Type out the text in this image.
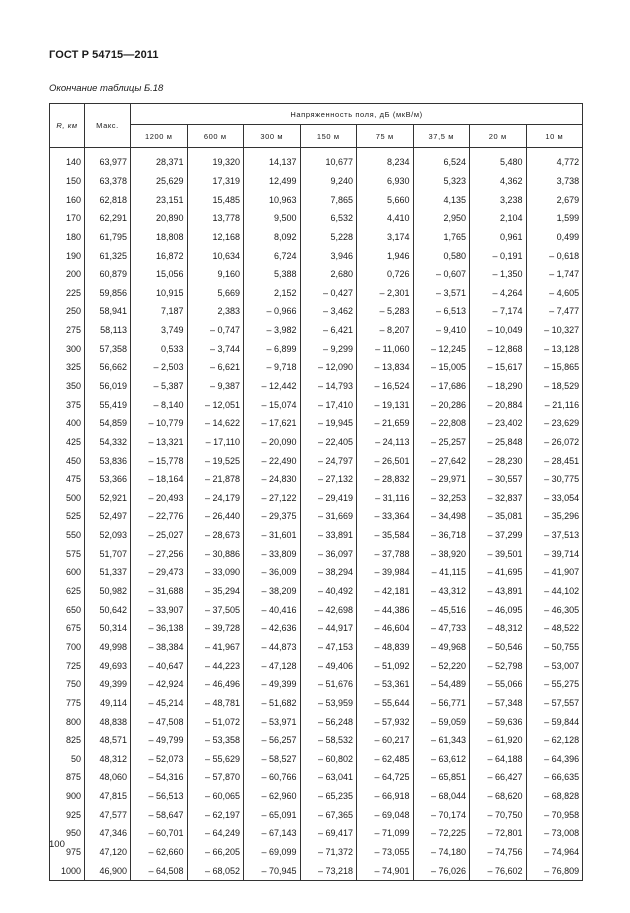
ГОСТ Р 54715—2011
Окончание таблицы Б.18
R, км	Макс.	Напряженность поля, дБ (мкВ/м)							
		1200 м	600 м	300 м	150 м	75 м	37,5 м	20 м	10 м

140	63,977	28,371	19,320	14,137	10,677	8,234	6,524	5,480	4,772
150	63,378	25,629	17,319	12,499	9,240	6,930	5,323	4,362	3,738
160	62,818	23,151	15,485	10,963	7,865	5,660	4,135	3,238	2,679
170	62,291	20,890	13,778	9,500	6,532	4,410	2,950	2,104	1,599
180	61,795	18,808	12,168	8,092	5,228	3,174	1,765	0,961	0,499
190	61,325	16,872	10,634	6,724	3,946	1,946	0,580	– 0,191	– 0,618
200	60,879	15,056	9,160	5,388	2,680	0,726	– 0,607	– 1,350	– 1,747
225	59,856	10,915	5,669	2,152	– 0,427	– 2,301	– 3,571	– 4,264	– 4,605
250	58,941	7,187	2,383	– 0,966	– 3,462	– 5,283	– 6,513	– 7,174	– 7,477
275	58,113	3,749	– 0,747	– 3,982	– 6,421	– 8,207	– 9,410	– 10,049	– 10,327
300	57,358	0,533	– 3,744	– 6,899	– 9,299	– 11,060	– 12,245	– 12,868	– 13,128
325	56,662	– 2,503	– 6,621	– 9,718	– 12,090	– 13,834	– 15,005	– 15,617	– 15,865
350	56,019	– 5,387	– 9,387	– 12,442	– 14,793	– 16,524	– 17,686	– 18,290	– 18,529
375	55,419	– 8,140	– 12,051	– 15,074	– 17,410	– 19,131	– 20,286	– 20,884	– 21,116
400	54,859	– 10,779	– 14,622	– 17,621	– 19,945	– 21,659	– 22,808	– 23,402	– 23,629
425	54,332	– 13,321	– 17,110	– 20,090	– 22,405	– 24,113	– 25,257	– 25,848	– 26,072
450	53,836	– 15,778	– 19,525	– 22,490	– 24,797	– 26,501	– 27,642	– 28,230	– 28,451
475	53,366	– 18,164	– 21,878	– 24,830	– 27,132	– 28,832	– 29,971	– 30,557	– 30,775
500	52,921	– 20,493	– 24,179	– 27,122	– 29,419	– 31,116	– 32,253	– 32,837	– 33,054
525	52,497	– 22,776	– 26,440	– 29,375	– 31,669	– 33,364	– 34,498	– 35,081	– 35,296
550	52,093	– 25,027	– 28,673	– 31,601	– 33,891	– 35,584	– 36,718	– 37,299	– 37,513
575	51,707	– 27,256	– 30,886	– 33,809	– 36,097	– 37,788	– 38,920	– 39,501	– 39,714
600	51,337	– 29,473	– 33,090	– 36,009	– 38,294	– 39,984	– 41,115	– 41,695	– 41,907
625	50,982	– 31,688	– 35,294	– 38,209	– 40,492	– 42,181	– 43,312	– 43,891	– 44,102
650	50,642	– 33,907	– 37,505	– 40,416	– 42,698	– 44,386	– 45,516	– 46,095	– 46,305
675	50,314	– 36,138	– 39,728	– 42,636	– 44,917	– 46,604	– 47,733	– 48,312	– 48,522
700	49,998	– 38,384	– 41,967	– 44,873	– 47,153	– 48,839	– 49,968	– 50,546	– 50,755
725	49,693	– 40,647	– 44,223	– 47,128	– 49,406	– 51,092	– 52,220	– 52,798	– 53,007
750	49,399	– 42,924	– 46,496	– 49,399	– 51,676	– 53,361	– 54,489	– 55,066	– 55,275
775	49,114	– 45,214	– 48,781	– 51,682	– 53,959	– 55,644	– 56,771	– 57,348	– 57,557
800	48,838	– 47,508	– 51,072	– 53,971	– 56,248	– 57,932	– 59,059	– 59,636	– 59,844
825	48,571	– 49,799	– 53,358	– 56,257	– 58,532	– 60,217	– 61,343	– 61,920	– 62,128
50	48,312	– 52,073	– 55,629	– 58,527	– 60,802	– 62,485	– 63,612	– 64,188	– 64,396
875	48,060	– 54,316	– 57,870	– 60,766	– 63,041	– 64,725	– 65,851	– 66,427	– 66,635
900	47,815	– 56,513	– 60,065	– 62,960	– 65,235	– 66,918	– 68,044	– 68,620	– 68,828
925	47,577	– 58,647	– 62,197	– 65,091	– 67,365	– 69,048	– 70,174	– 70,750	– 70,958
950	47,346	– 60,701	– 64,249	– 67,143	– 69,417	– 71,099	– 72,225	– 72,801	– 73,008
975	47,120	– 62,660	– 66,205	– 69,099	– 71,372	– 73,055	– 74,180	– 74,756	– 74,964
1000	46,900	– 64,508	– 68,052	– 70,945	– 73,218	– 74,901	– 76,026	– 76,602	– 76,809
100
